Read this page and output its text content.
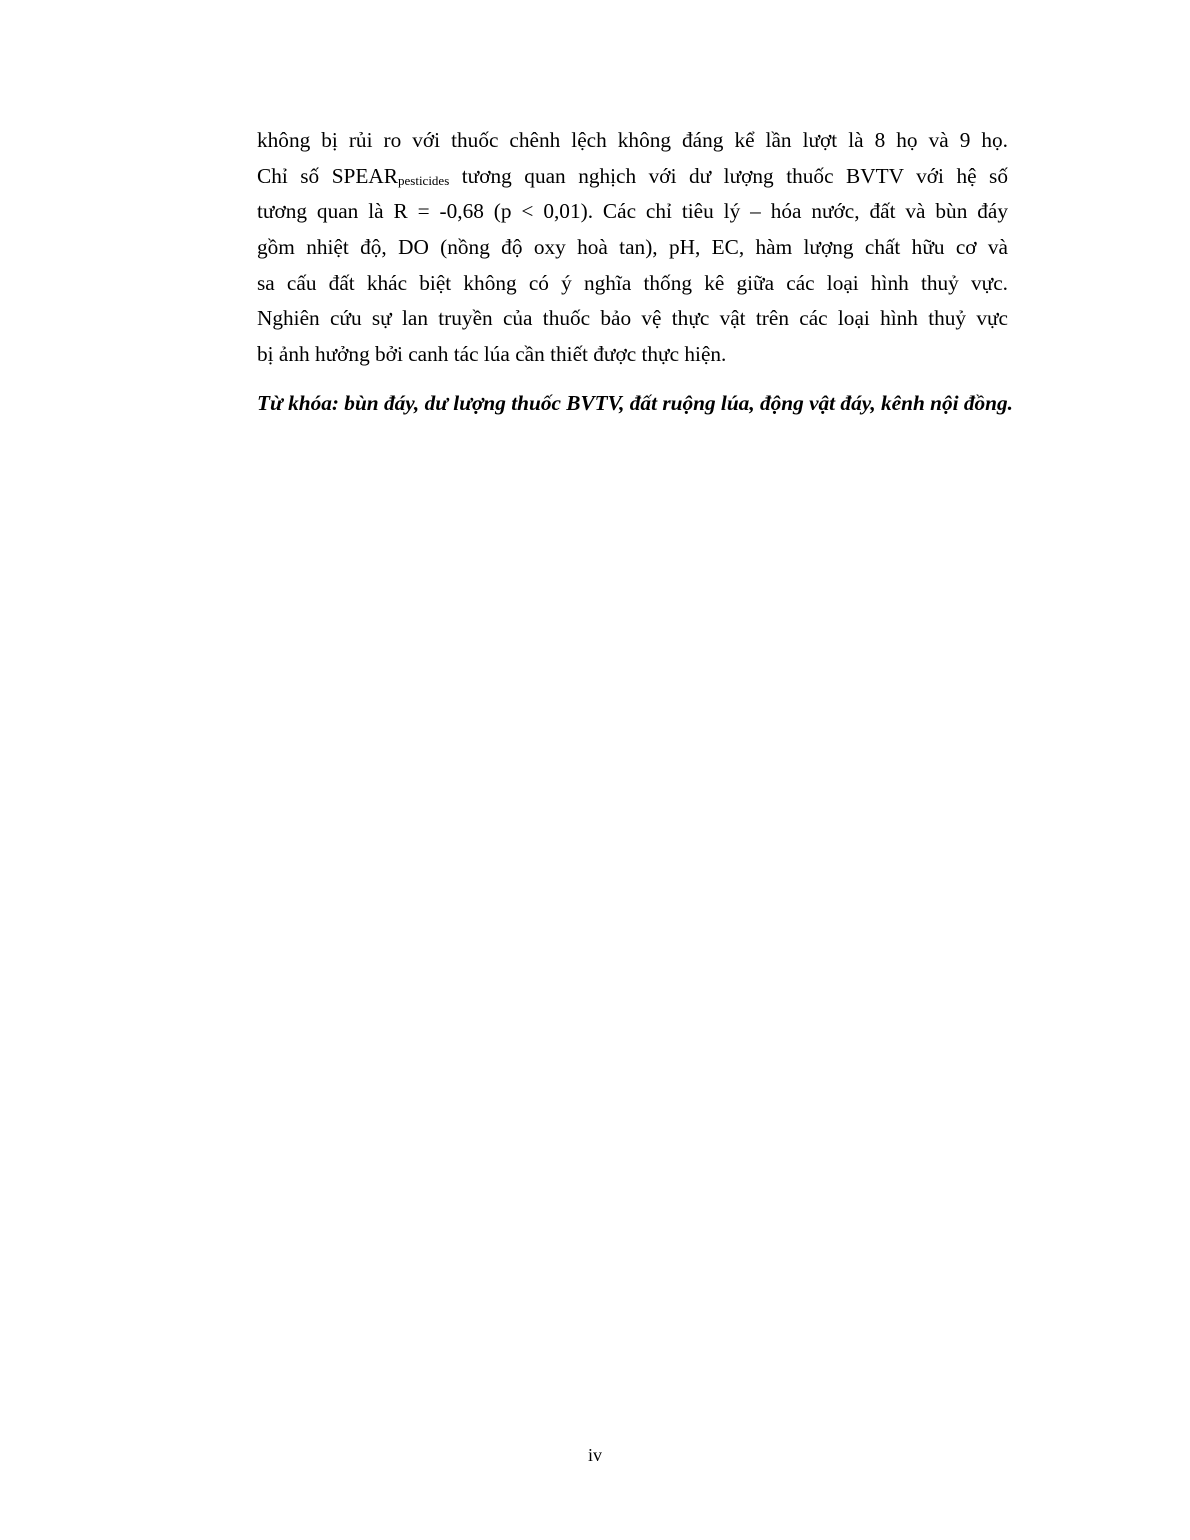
không bị rủi ro với thuốc chênh lệch không đáng kể lần lượt là 8 họ và 9 họ.
Chỉ số SPEARpesticides tương quan nghịch với dư lượng thuốc BVTV với hệ số
tương quan là R = -0,68 (p < 0,01). Các chỉ tiêu lý – hóa nước, đất và bùn đáy
gồm nhiệt độ, DO (nồng độ oxy hoà tan), pH, EC, hàm lượng chất hữu cơ và
sa cấu đất khác biệt không có ý nghĩa thống kê giữa các loại hình thuỷ vực.
Nghiên cứu sự lan truyền của thuốc bảo vệ thực vật trên các loại hình thuỷ vực
bị ảnh hưởng bởi canh tác lúa cần thiết được thực hiện.

Từ khóa: bùn đáy, dư lượng thuốc BVTV, đất ruộng lúa, động vật đáy, kênh nội đồng.

iv
